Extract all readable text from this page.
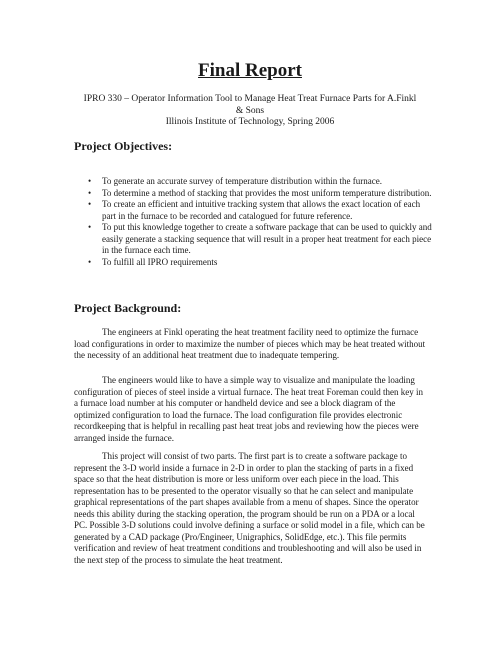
Final Report
IPRO 330 – Operator Information Tool to Manage Heat Treat Furnace Parts for A.Finkl
& Sons
Illinois Institute of Technology, Spring 2006
Project Objectives:
• To generate an accurate survey of temperature distribution within the furnace.
• To determine a method of stacking that provides the most uniform temperature distribution.
• To create an efficient and intuitive tracking system that allows the exact location of each part in the furnace to be recorded and catalogued for future reference.
• To put this knowledge together to create a software package that can be used to quickly and easily generate a stacking sequence that will result in a proper heat treatment for each piece in the furnace each time.
• To fulfill all IPRO requirements
Project Background:

The engineers at Finkl operating the heat treatment facility need to optimize the furnace load configurations in order to maximize the number of pieces which may be heat treated without the necessity of an additional heat treatment due to inadequate tempering.

The engineers would like to have a simple way to visualize and manipulate the loading configuration of pieces of steel inside a virtual furnace. The heat treat Foreman could then key in a furnace load number at his computer or handheld device and see a block diagram of the optimized configuration to load the furnace. The load configuration file provides electronic recordkeeping that is helpful in recalling past heat treat jobs and reviewing how the pieces were arranged inside the furnace.

This project will consist of two parts. The first part is to create a software package to represent the 3-D world inside a furnace in 2-D in order to plan the stacking of parts in a fixed space so that the heat distribution is more or less uniform over each piece in the load. This representation has to be presented to the operator visually so that he can select and manipulate graphical representations of the part shapes available from a menu of shapes. Since the operator needs this ability during the stacking operation, the program should be run on a PDA or a local PC. Possible 3-D solutions could involve defining a surface or solid model in a file, which can be generated by a CAD package (Pro/Engineer, Unigraphics, SolidEdge, etc.). This file permits verification and review of heat treatment conditions and troubleshooting and will also be used in the next step of the process to simulate the heat treatment.
